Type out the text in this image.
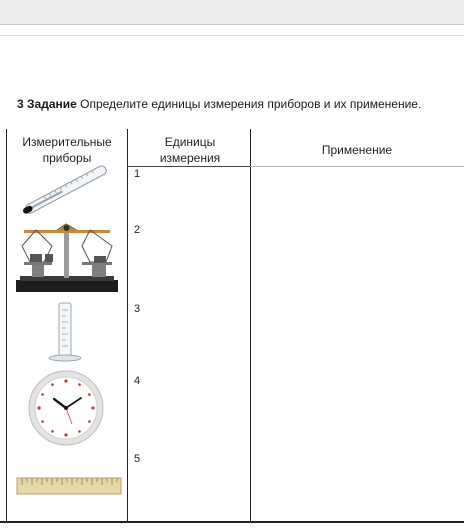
3 Задание Определите единицы измерения приборов и их применение.
Измерительные приборы
Единицы измерения
Применение
1
2
3
4
5
